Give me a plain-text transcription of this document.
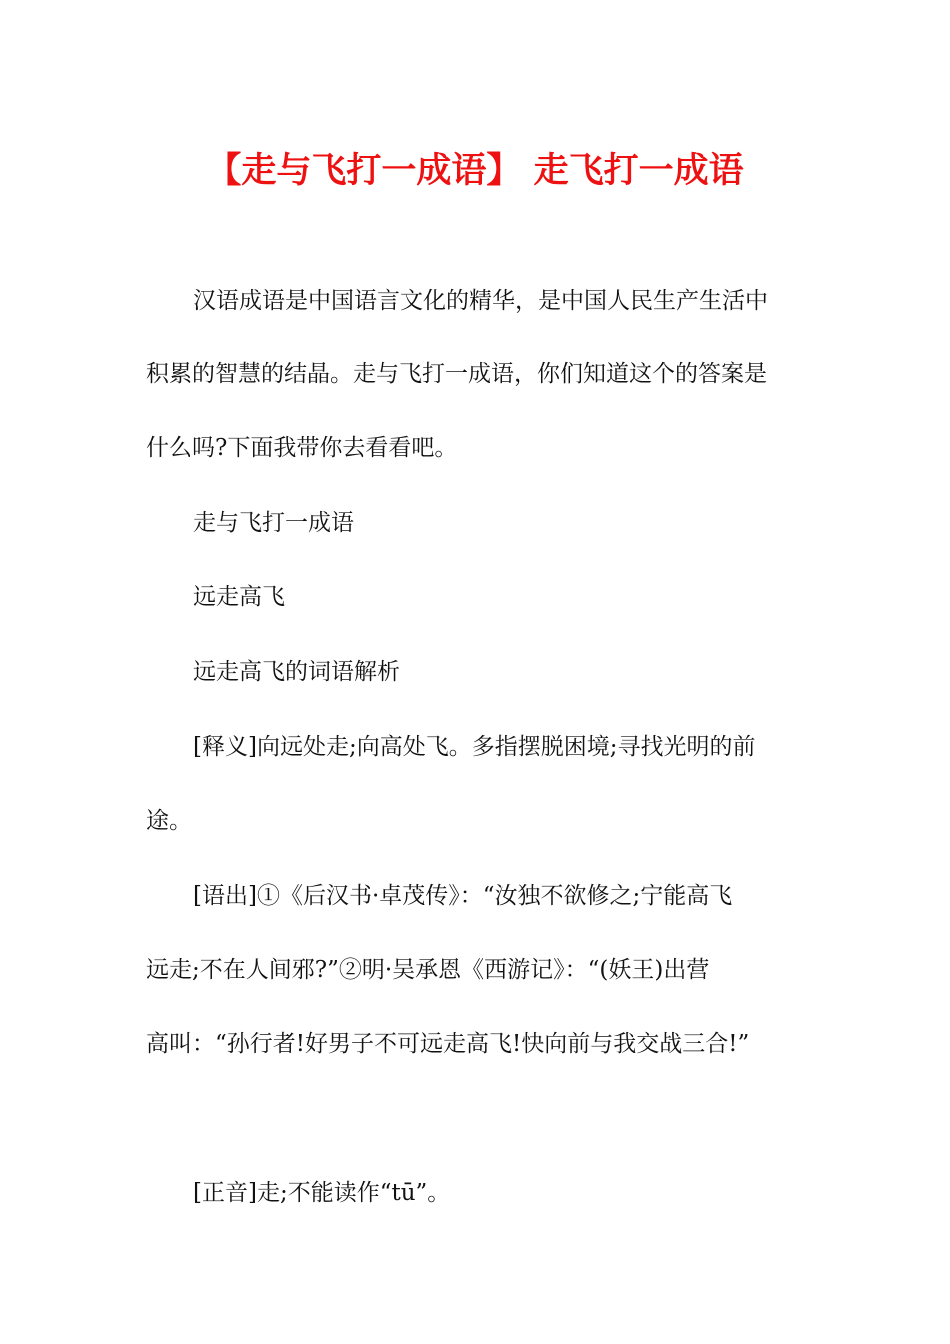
【走与飞打一成语】 走飞打一成语
汉语成语是中国语言文化的精华，是中国人民生产生活中
积累的智慧的结晶。走与飞打一成语，你们知道这个的答案是
什么吗?下面我带你去看看吧。
走与飞打一成语
远走高飞
远走高飞的词语解析
[释义]向远处走;向高处飞。多指摆脱困境;寻找光明的前
途。
[语出]①《后汉书·卓茂传》：“汝独不欲修之;宁能高飞
远走;不在人间邪?”②明·吴承恩《西游记》：“(妖王)出营
高叫：“孙行者!好男子不可远走高飞!快向前与我交战三合!”
[正音]走;不能读作“tū”。
